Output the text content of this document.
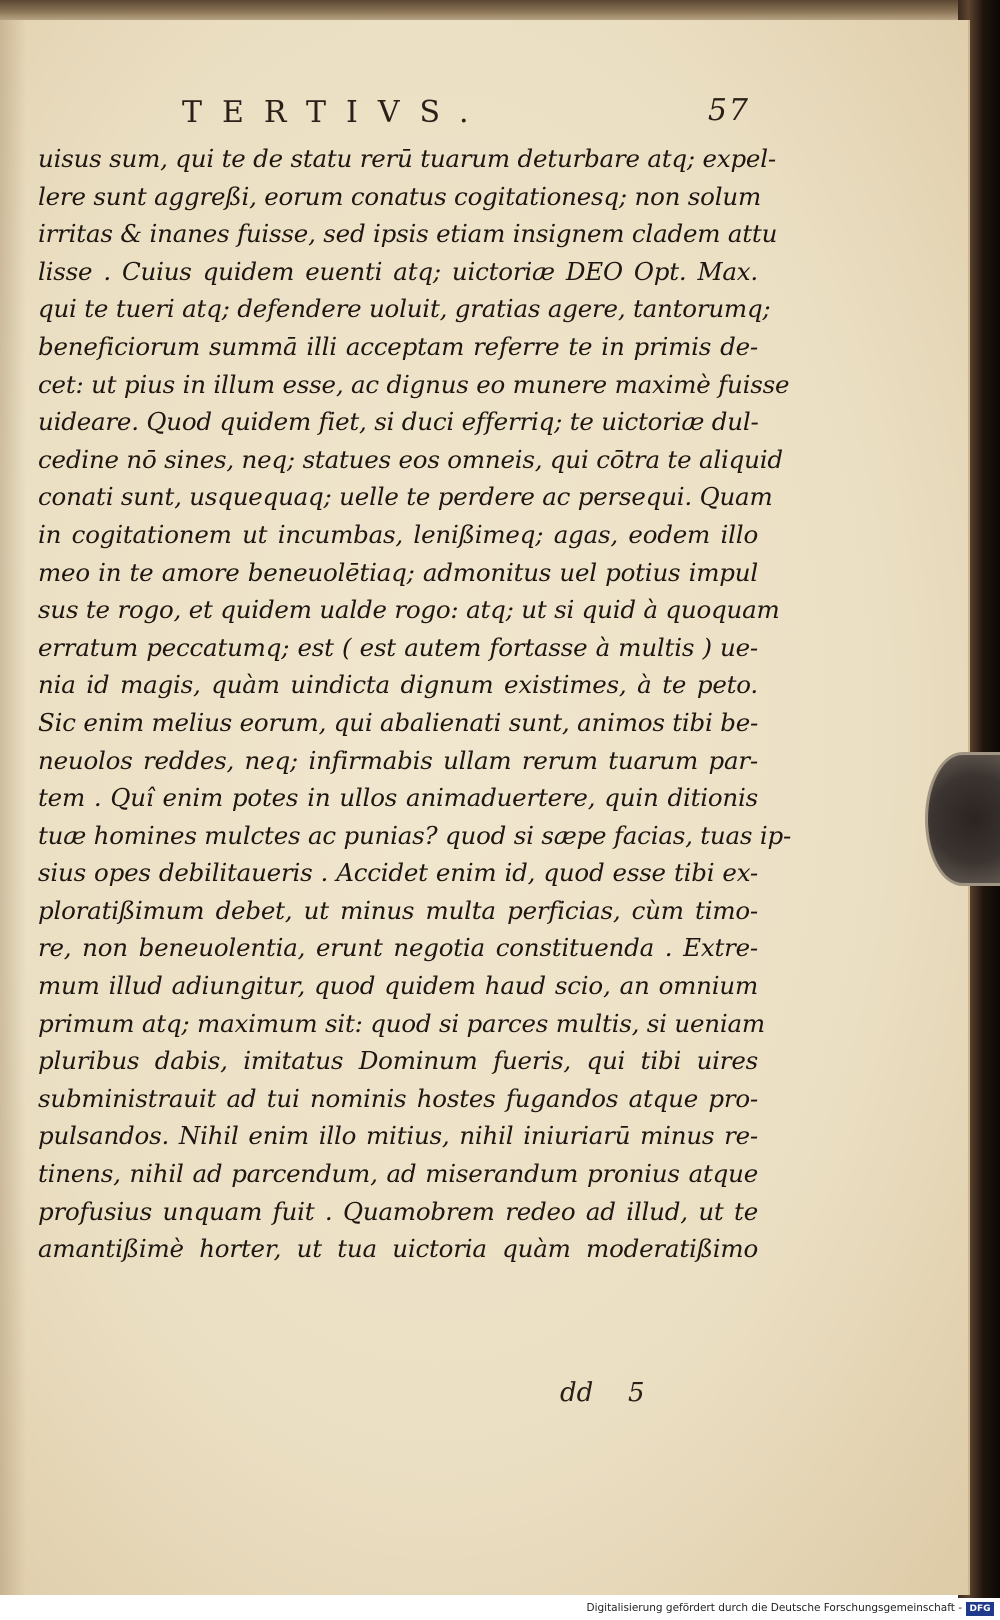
TERTIVS.	57
uisus sum, qui te de statu rerū tuarum deturbare atq; expel-
lere sunt aggreßi, eorum conatus cogitationesq; non solum
irritas & inanes fuisse, sed ipsis etiam insignem cladem attu
lisse . Cuius quidem euenti atq; uictoriæ DEO Opt. Max.
qui te tueri atq; defendere uoluit, gratias agere, tantorumq;
beneficiorum summā illi acceptam referre te in primis de-
cet: ut pius in illum esse, ac dignus eo munere maximè fuisse
uideare. Quod quidem fiet, si duci efferriq; te uictoriæ dul-
cedine nō sines, neq; statues eos omneis, qui cōtra te aliquid
conati sunt, usquequaq; uelle te perdere ac persequi. Quam
in cogitationem ut incumbas, lenißimeq; agas, eodem illo
meo in te amore beneuolētiaq; admonitus uel potius impul
sus te rogo, et quidem ualde rogo: atq; ut si quid à quoquam
erratum peccatumq; est ( est autem fortasse à multis ) ue-
nia id magis, quàm uindicta dignum existimes, à te peto.
Sic enim melius eorum, qui abalienati sunt, animos tibi be-
neuolos reddes, neq; infirmabis ullam rerum tuarum par-
tem . Quî enim potes in ullos animaduertere, quin ditionis
tuæ homines mulctes ac punias? quod si sæpe facias, tuas ip-
sius opes debilitaueris . Accidet enim id, quod esse tibi ex-
ploratißimum debet, ut minus multa perficias, cùm timo-
re, non beneuolentia, erunt negotia constituenda . Extre-
mum illud adiungitur, quod quidem haud scio, an omnium
primum atq; maximum sit: quod si parces multis, si ueniam
pluribus dabis, imitatus Dominum fueris, qui tibi uires
subministrauit ad tui nominis hostes fugandos atque pro-
pulsandos. Nihil enim illo mitius, nihil iniuriarū minus re-
tinens, nihil ad parcendum, ad miserandum pronius atque
profusius unquam fuit . Quamobrem redeo ad illud, ut te
amantißimè horter, ut tua uictoria quàm moderatißimo
dd 5
Digitalisierung gefördert durch die Deutsche Forschungsgemeinschaft - DFG
